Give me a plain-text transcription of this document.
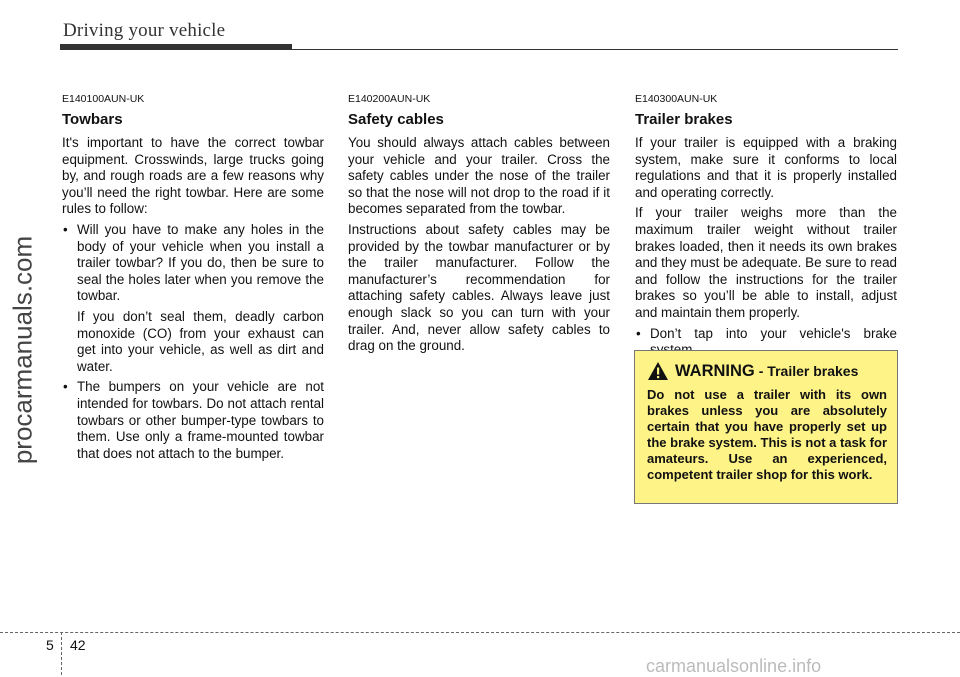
Driving your vehicle
procarmanuals.com
E140100AUN-UK
Towbars

It's important to have the correct towbar equipment. Crosswinds, large trucks going by, and rough roads are a few reasons why you’ll need the right towbar. Here are some rules to follow:

• Will you have to make any holes in the body of your vehicle when you install a trailer towbar? If you do, then be sure to seal the holes later when you remove the towbar.
If you don’t seal them, deadly carbon monoxide (CO) from your exhaust can get into your vehicle, as well as dirt and water.
• The bumpers on your vehicle are not intended for towbars. Do not attach rental towbars or other bumper-type towbars to them. Use only a frame-mounted towbar that does not attach to the bumper.
E140200AUN-UK
Safety cables

You should always attach cables between your vehicle and your trailer. Cross the safety cables under the nose of the trailer so that the nose will not drop to the road if it becomes separated from the towbar.

Instructions about safety cables may be provided by the towbar manufacturer or by the trailer manufacturer. Follow the manufacturer’s recommendation for attaching safety cables. Always leave just enough slack so you can turn with your trailer. And, never allow safety cables to drag on the ground.

E140300AUN-UK
Trailer brakes

If your trailer is equipped with a braking system, make sure it conforms to local regulations and that it is properly installed and operating correctly.

If your trailer weighs more than the maximum trailer weight without trailer brakes loaded, then it needs its own brakes and they must be adequate. Be sure to read and follow the instructions for the trailer brakes so you’ll be able to install, adjust and maintain them properly.

• Don’t tap into your vehicle's brake
WARNING - Trailer brakes
Do not use a trailer with its own brakes unless you are absolutely certain that you have properly set up the brake system. This is not a task for amateurs. Use an experienced, competent trailer shop for this work.
5 42
carmanualsonline.info
